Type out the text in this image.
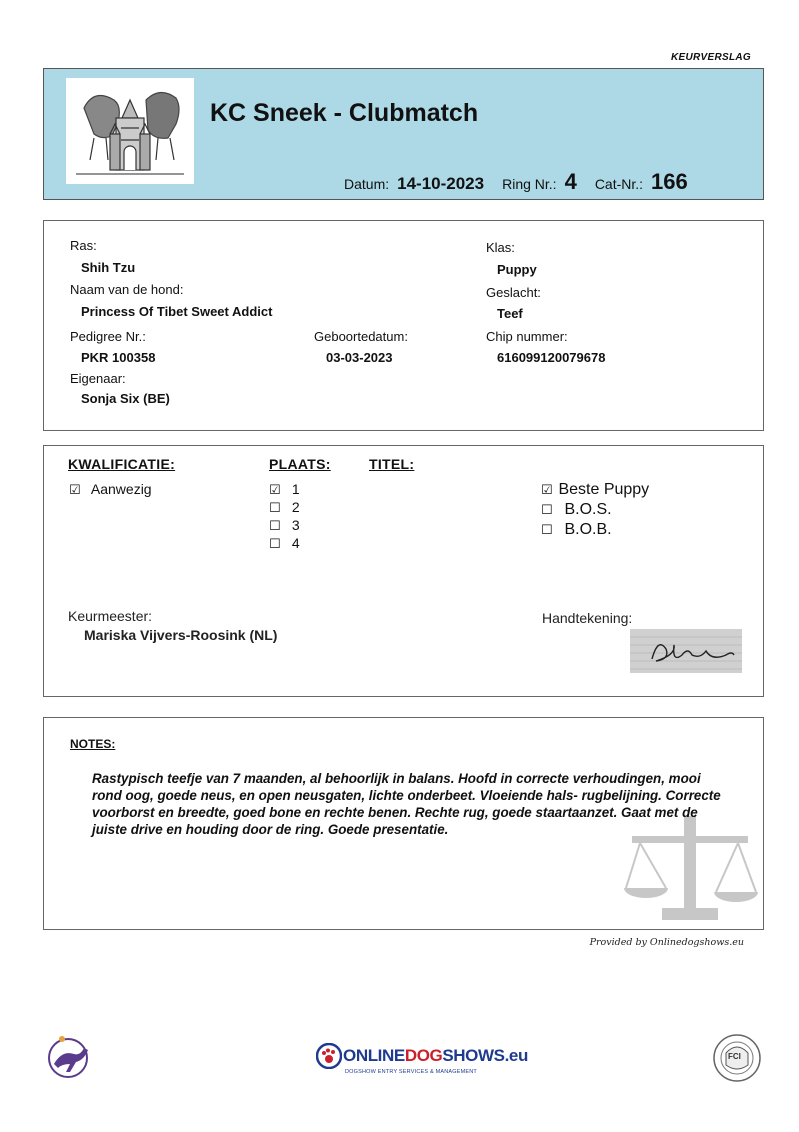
KEURVERSLAG
KC Sneek - Clubmatch
Datum: 14-10-2023 Ring Nr.: 4 Cat-Nr.: 166
Ras:
Shih Tzu
Naam van de hond:
Princess Of Tibet Sweet Addict
Pedigree Nr.:
PKR 100358
Eigenaar:
Sonja Six (BE)
Geboortedatum:
03-03-2023
Klas:
Puppy
Geslacht:
Teef
Chip nummer:
616099120079678
KWALIFICATIE:	PLAATS:	TITEL:
☑ Aanwezig	☑ 1
☐ 2
☐ 3
☐ 4
☑ Beste Puppy
☐ B.O.S.
☐ B.O.B.
Keurmeester:
Mariska Vijvers-Roosink (NL)
Handtekening:
NOTES:
Rastypisch teefje van 7 maanden, al behoorlijk in balans. Hoofd in correcte verhoudingen, mooi rond oog, goede neus, en open neusgaten, lichte onderbeet. Vloeiende hals- rugbelijning. Correcte voorborst en breedte, goed bone en rechte benen. Rechte rug, goede staartaanzet. Gaat met de juiste drive en houding door de ring. Goede presentatie.
Provided by Onlinedogshows.eu
ONLINEDOGSHOWS.eu
DOGSHOW ENTRY SERVICES & MANAGEMENT
FCI
